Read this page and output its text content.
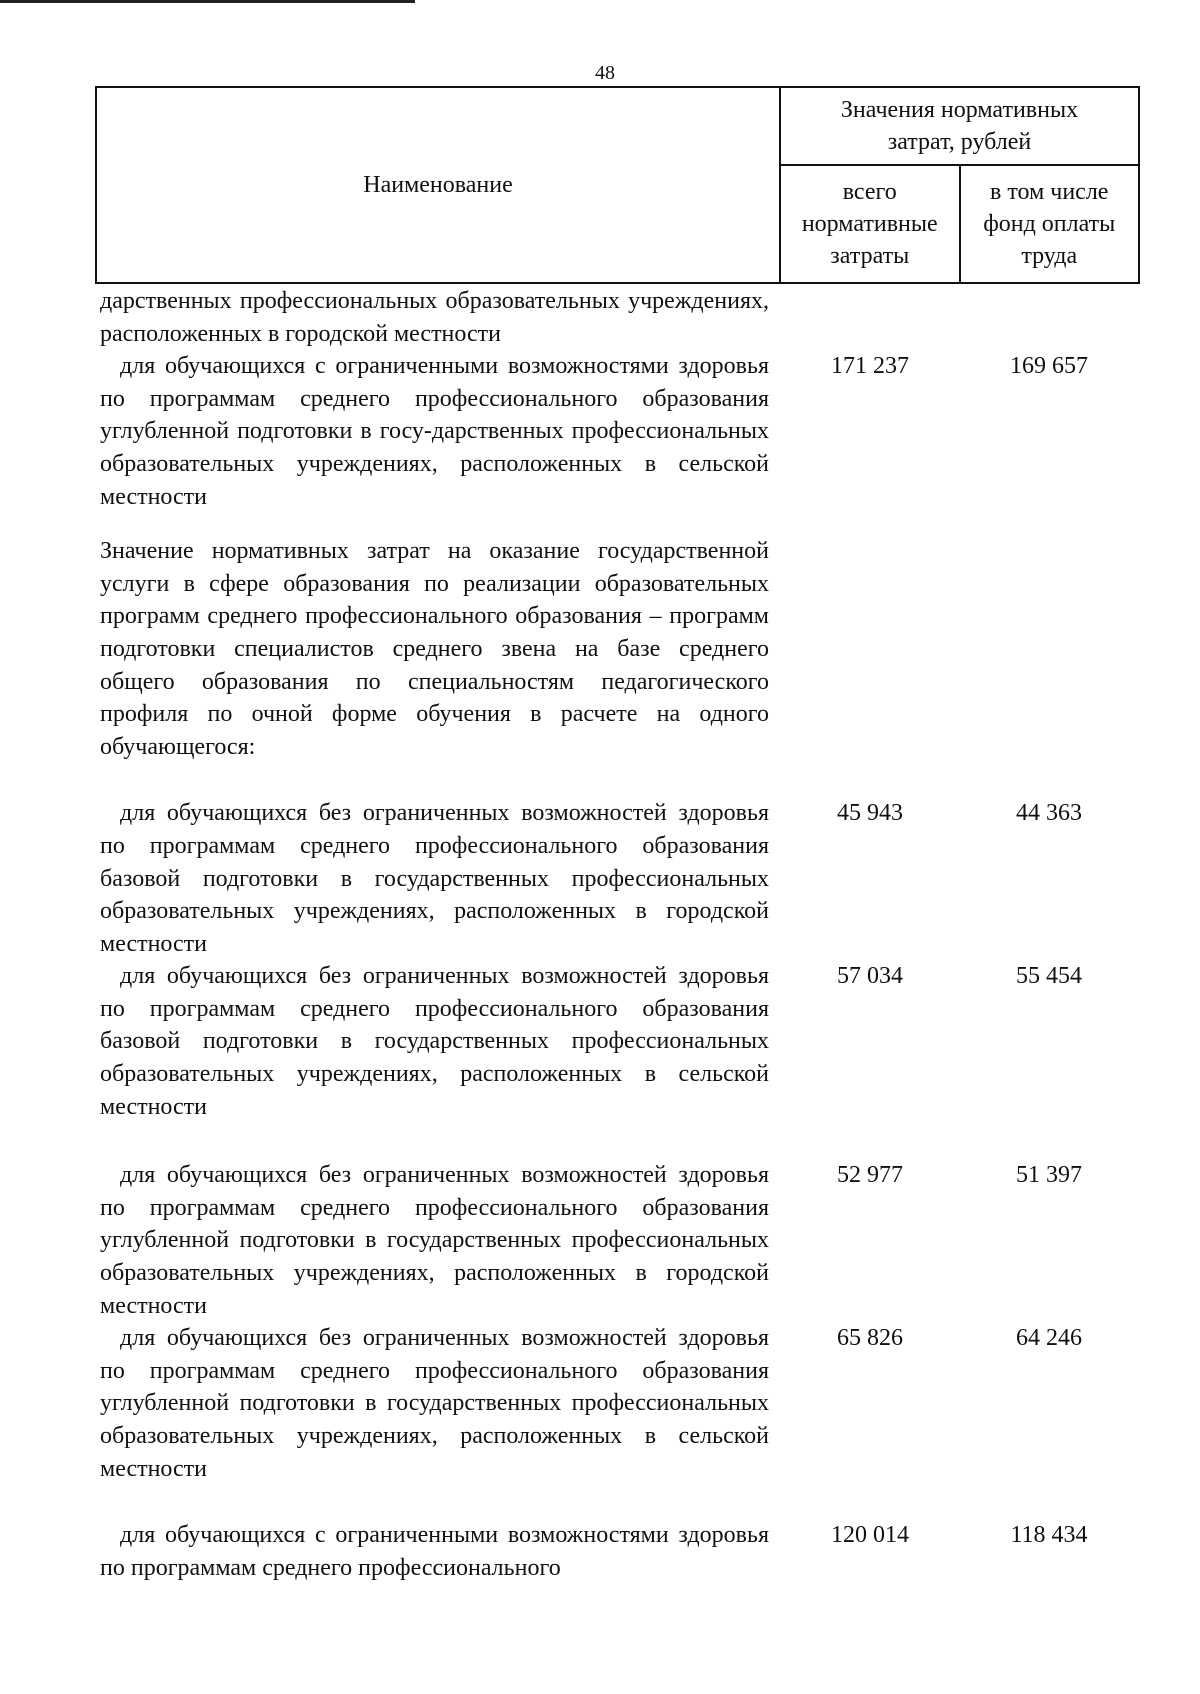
48
Наименование	Значения нормативных затрат, рублей	

	всего нормативные затраты	в том числе фонд оплаты труда
дарственных профессиональных образовательных учреждениях, расположенных в городской местности
для обучающихся с ограниченными возможностями здоровья по программам среднего профессионального образования углубленной подготовки в госу-дарственных профессиональных образовательных учреждениях, расположенных в сельской местности
171 237	169 657
Значение нормативных затрат на оказание государственной услуги в сфере образования по реализации образовательных программ среднего профессионального образования – программ подготовки специалистов среднего звена на базе среднего общего образования по специальностям педагогического профиля по очной форме обучения в расчете на одного обучающегося:
для обучающихся без ограниченных возможностей здоровья по программам среднего профессионального образования базовой подготовки в государственных профессиональных образовательных учреждениях, расположенных в городской местности
45 943	44 363
для обучающихся без ограниченных возможностей здоровья по программам среднего профессионального образования базовой подготовки в государственных профессиональных образовательных учреждениях, расположенных в сельской местности
57 034	55 454
для обучающихся без ограниченных возможностей здоровья по программам среднего профессионального образования углубленной подготовки в государственных профессиональных образовательных учреждениях, расположенных в городской местности
52 977	51 397
для обучающихся без ограниченных возможностей здоровья по программам среднего профессионального образования углубленной подготовки в государственных профессиональных образовательных учреждениях, расположенных в сельской местности
65 826	64 246
для обучающихся с ограниченными возможностями здоровья по программам среднего профессионального
120 014	118 434
